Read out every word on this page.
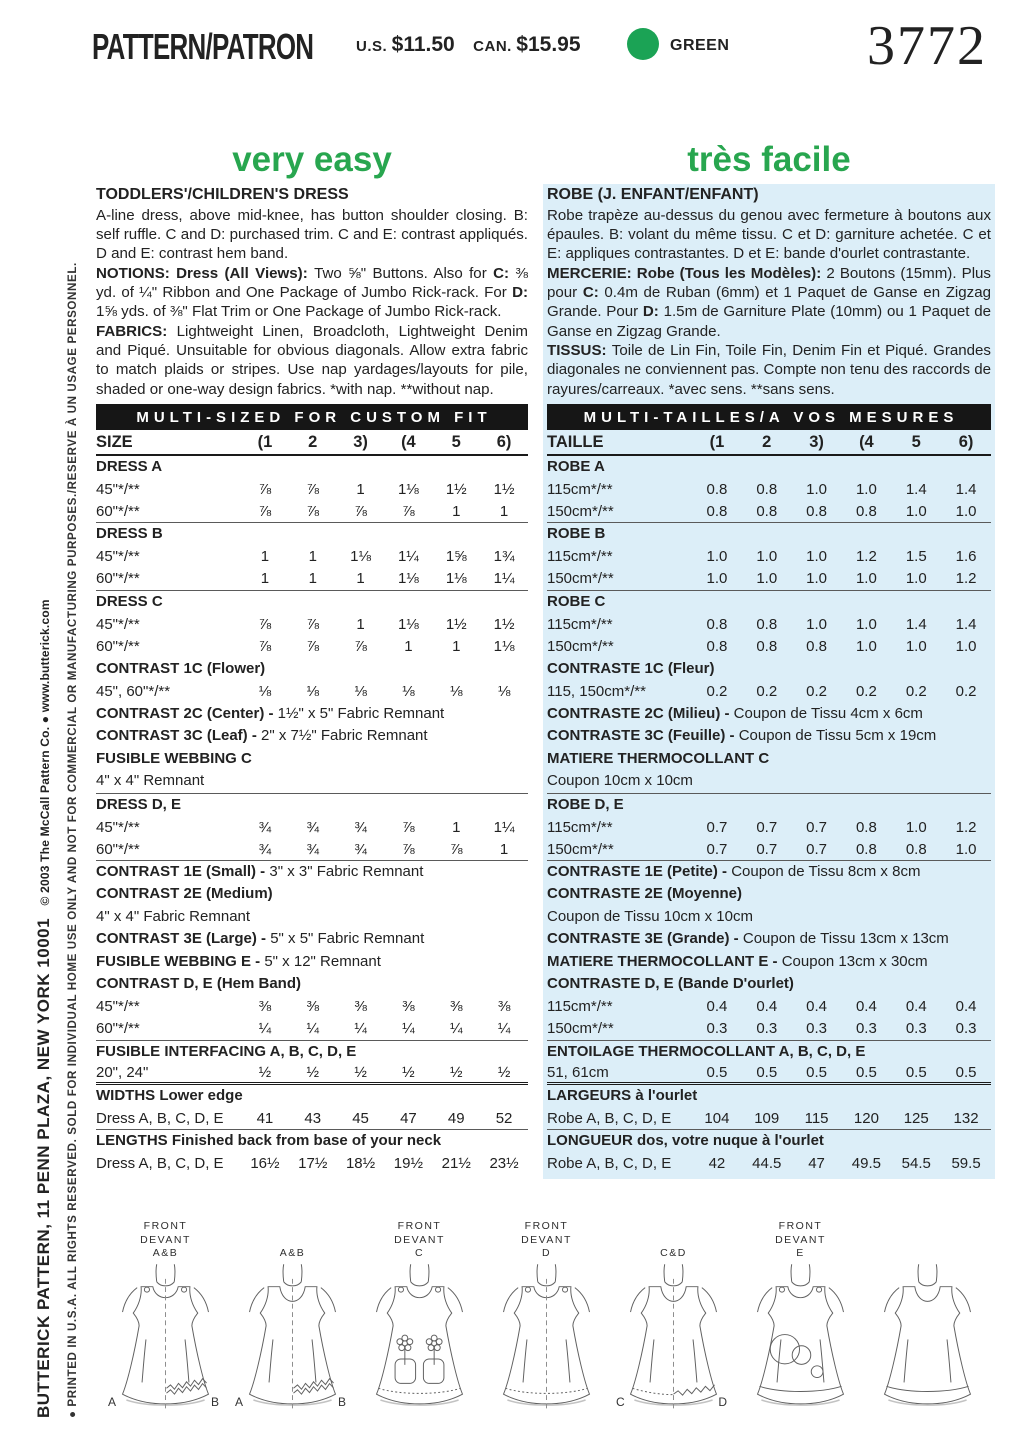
PATTERN/PATRON	U.S. $11.50 CAN. $15.95	GREEN 3772
BUTTERICK PATTERN, 11 PENN PLAZA, NEW YORK 10001 © 2003 The McCall Pattern Co. ● www.butterick.com ● PRINTED IN U.S.A. ALL RIGHTS RESERVED. SOLD FOR INDIVIDUAL HOME USE ONLY AND NOT FOR COMMERCIAL OR MANUFACTURING PURPOSES./RESERVE À UN USAGE PERSONNEL.
very easy
TODDLERS'/CHILDREN'S DRESS

A-line dress, above mid-knee, has button shoulder closing. B: self ruffle. C and D: purchased trim. C and E: contrast appliqués. D and E: contrast hem band.

NOTIONS: Dress (All Views): Two ⅝" Buttons. Also for C: ⅜ yd. of ¼" Ribbon and One Package of Jumbo Rick-rack. For D: 1⅝ yds. of ⅜" Flat Trim or One Package of Jumbo Rick-rack.

FABRICS: Lightweight Linen, Broadcloth, Lightweight Denim and Piqué. Unsuitable for obvious diagonals. Allow extra fabric to match plaids or stripes. Use nap yardages/layouts for pile, shaded or one-way design fabrics. *with nap. **without nap.

MULTI-SIZED FOR CUSTOM FIT
SIZE	(1	2	3)	(4	5	6)
DRESS A
45"*/**	⅞	⅞	1	1⅛	1½	1½
60"*/**	⅞	⅞	⅞	⅞	1	1
DRESS B
45"*/**	1	1	1⅛	1¼	1⅝	1¾
60"*/**	1	1	1	1⅛	1⅛	1¼
DRESS C
45"*/**	⅞	⅞	1	1⅛	1½	1½
60"*/**	⅞	⅞	⅞	1	1	1⅛
CONTRAST 1C (Flower)
45", 60"*/**	⅛	⅛	⅛	⅛	⅛	⅛
CONTRAST 2C (Center) - 1½" x 5" Fabric Remnant
CONTRAST 3C (Leaf) - 2" x 7½" Fabric Remnant
FUSIBLE WEBBING C
4" x 4" Remnant
DRESS D, E
45"*/**	¾	¾	¾	⅞	1	1¼
60"*/**	¾	¾	¾	⅞	⅞	1
CONTRAST 1E (Small) - 3" x 3" Fabric Remnant
CONTRAST 2E (Medium)
4" x 4" Fabric Remnant
CONTRAST 3E (Large) - 5" x 5" Fabric Remnant
FUSIBLE WEBBING E - 5" x 12" Remnant
CONTRAST D, E (Hem Band)
45"*/**	⅜	⅜	⅜	⅜	⅜	⅜
60"*/**	¼	¼	¼	¼	¼	¼
FUSIBLE INTERFACING A, B, C, D, E
20", 24"	½	½	½	½	½	½
WIDTHS Lower edge
Dress A, B, C, D, E	41	43	45	47	49	52
LENGTHS Finished back from base of your neck
Dress A, B, C, D, E	16½	17½	18½	19½	21½	23½
très facile
ROBE (J. ENFANT/ENFANT)

Robe trapèze au-dessus du genou avec fermeture à boutons aux épaules. B: volant du même tissu. C et D: garniture achetée. C et E: appliques contrastantes. D et E: bande d'ourlet contrastante.

MERCERIE: Robe (Tous les Modèles): 2 Boutons (15mm). Plus pour C: 0.4m de Ruban (6mm) et 1 Paquet de Ganse en Zigzag Grande. Pour D: 1.5m de Garniture Plate (10mm) ou 1 Paquet de Ganse en Zigzag Grande.

TISSUS: Toile de Lin Fin, Toile Fin, Denim Fin et Piqué. Grandes diagonales ne conviennent pas. Compte non tenu des raccords de rayures/carreaux. *avec sens. **sans sens.

MULTI-TAILLES/A VOS MESURES
TAILLE	(1	2	3)	(4	5	6)
ROBE A
115cm*/**	0.8	0.8	1.0	1.0	1.4	1.4
150cm*/**	0.8	0.8	0.8	0.8	1.0	1.0
ROBE B
115cm*/**	1.0	1.0	1.0	1.2	1.5	1.6
150cm*/**	1.0	1.0	1.0	1.0	1.0	1.2
ROBE C
115cm*/**	0.8	0.8	1.0	1.0	1.4	1.4
150cm*/**	0.8	0.8	0.8	1.0	1.0	1.0
CONTRASTE 1C (Fleur)
115, 150cm*/**	0.2	0.2	0.2	0.2	0.2	0.2
CONTRASTE 2C (Milieu) - Coupon de Tissu 4cm x 6cm
CONTRASTE 3C (Feuille) - Coupon de Tissu 5cm x 19cm
MATIERE THERMOCOLLANT C
Coupon 10cm x 10cm
ROBE D, E
115cm*/**	0.7	0.7	0.7	0.8	1.0	1.2
150cm*/**	0.7	0.7	0.7	0.8	0.8	1.0
CONTRASTE 1E (Petite) - Coupon de Tissu 8cm x 8cm
CONTRASTE 2E (Moyenne)
Coupon de Tissu 10cm x 10cm
CONTRASTE 3E (Grande) - Coupon de Tissu 13cm x 13cm
MATIERE THERMOCOLLANT E - Coupon 13cm x 30cm
CONTRASTE D, E (Bande D'ourlet)
115cm*/**	0.4	0.4	0.4	0.4	0.4	0.4
150cm*/**	0.3	0.3	0.3	0.3	0.3	0.3
ENTOILAGE THERMOCOLLANT A, B, C, D, E
51, 61cm	0.5	0.5	0.5	0.5	0.5	0.5
LARGEURS à l'ourlet
Robe A, B, C, D, E	104	109	115	120	125	132
LONGUEUR dos, votre nuque à l'ourlet
Robe A, B, C, D, E	42	44.5	47	49.5	54.5	59.5
FRONT
DEVANT
A&B
A	B
A&B
A	B
FRONT
DEVANT
C
FRONT
DEVANT
D	C&D
C	D
FRONT
DEVANT
E
